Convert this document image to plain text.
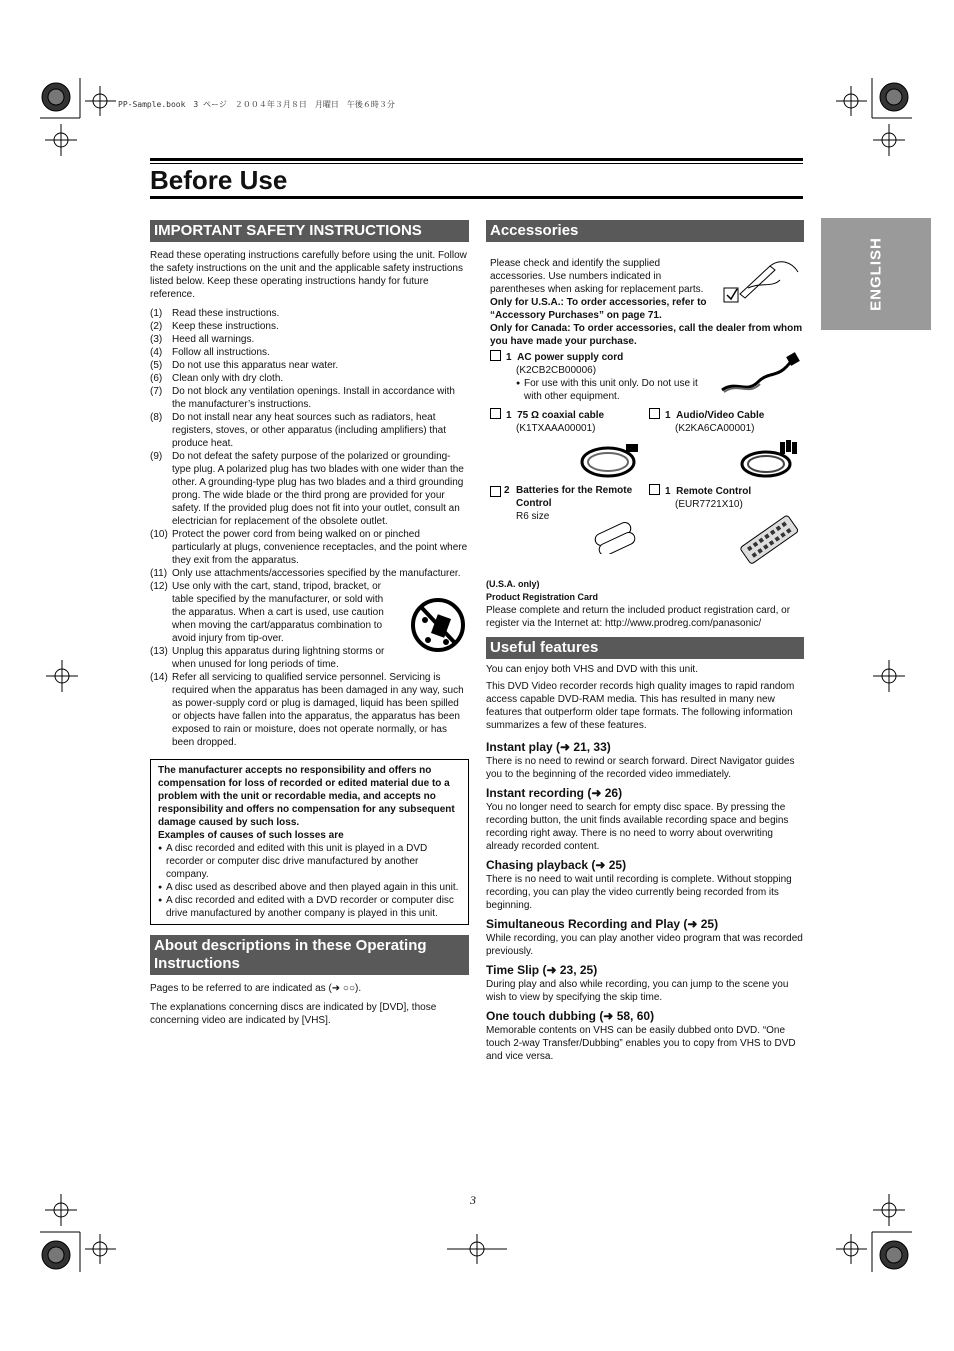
PP-Sample.book　3 ページ　２００４年３月８日　月曜日　午後６時３分
Before Use
ENGLISH
IMPORTANT SAFETY INSTRUCTIONS

Read these operating instructions carefully before using the unit. Follow the safety instructions on the unit and the applicable safety instructions listed below. Keep these operating instructions handy for future reference.

(1) Read these instructions.
(2) Keep these instructions.
(3) Heed all warnings.
(4) Follow all instructions.
(5) Do not use this apparatus near water.
(6) Clean only with dry cloth.
(7) Do not block any ventilation openings. Install in accordance with the manufacturer’s instructions.
(8) Do not install near any heat sources such as radiators, heat registers, stoves, or other apparatus (including amplifiers) that produce heat.
(9) Do not defeat the safety purpose of the polarized or grounding-type plug. A polarized plug has two blades with one wider than the other. A grounding-type plug has two blades and a third grounding prong. The wide blade or the third prong are provided for your safety. If the provided plug does not fit into your outlet, consult an electrician for replacement of the obsolete outlet.
(10) Protect the power cord from being walked on or pinched particularly at plugs, convenience receptacles, and the point where they exit from the apparatus.
(11) Only use attachments/accessories specified by the manufacturer.
(12) Use only with the cart, stand, tripod, bracket, or table specified by the manufacturer, or sold with the apparatus. When a cart is used, use caution when moving the cart/apparatus combination to avoid injury from tip-over.
(13) Unplug this apparatus during lightning storms or when unused for long periods of time.
(14) Refer all servicing to qualified service personnel. Servicing is required when the apparatus has been damaged in any way, such as power-supply cord or plug is damaged, liquid has been spilled or objects have fallen into the apparatus, the apparatus has been exposed to rain or moisture, does not operate normally, or has been dropped.
The manufacturer accepts no responsibility and offers no compensation for loss of recorded or edited material due to a problem with the unit or recordable media, and accepts no responsibility and offers no compensation for any subsequent damage caused by such loss.
Examples of causes of such losses are
● A disc recorded and edited with this unit is played in a DVD recorder or computer disc drive manufactured by another company.
● A disc used as described above and then played again in this unit.
● A disc recorded and edited with a DVD recorder or computer disc drive manufactured by another company is played in this unit.
About descriptions in these Operating Instructions

Pages to be referred to are indicated as (➜ ○○).

The explanations concerning discs are indicated by [DVD], those concerning video are indicated by [VHS].

Accessories

Please check and identify the supplied accessories. Use numbers indicated in parentheses when asking for replacement parts.

Only for U.S.A.: To order accessories, refer to “Accessory Purchases” on page 71.

Only for Canada: To order accessories, call the dealer from whom you have made your purchase.

1 AC power supply cord
(K2CB2CB00006)
● For use with this unit only. Do not use it with other equipment.
1 75 Ω coaxial cable
(K1TXAAA00001)
1 Audio/Video Cable
(K2KA6CA00001)
2 Batteries for the Remote Control
R6 size
1 Remote Control
(EUR7721X10)
(U.S.A. only)
Product Registration Card

Please complete and return the included product registration card, or register via the Internet at: http://www.prodreg.com/panasonic/

Useful features

You can enjoy both VHS and DVD with this unit.

This DVD Video recorder records high quality images to rapid random access capable DVD-RAM media. This has resulted in many new features that outperform older tape formats. The following information summarizes a few of these features.

Instant play (➜ 21, 33)

There is no need to rewind or search forward. Direct Navigator guides you to the beginning of the recorded video immediately.

Instant recording (➜ 26)

You no longer need to search for empty disc space. By pressing the recording button, the unit finds available recording space and begins recording right away. There is no need to worry about overwriting already recorded content.

Chasing playback (➜ 25)

There is no need to wait until recording is complete. Without stopping recording, you can play the video currently being recorded from its beginning.

Simultaneous Recording and Play (➜ 25)

While recording, you can play another video program that was recorded previously.

Time Slip (➜ 23, 25)

During play and also while recording, you can jump to the scene you wish to view by specifying the skip time.

One touch dubbing (➜ 58, 60)

Memorable contents on VHS can be easily dubbed onto DVD. “One touch 2-way Transfer/Dubbing” enables you to copy from VHS to DVD and vice versa.

3
